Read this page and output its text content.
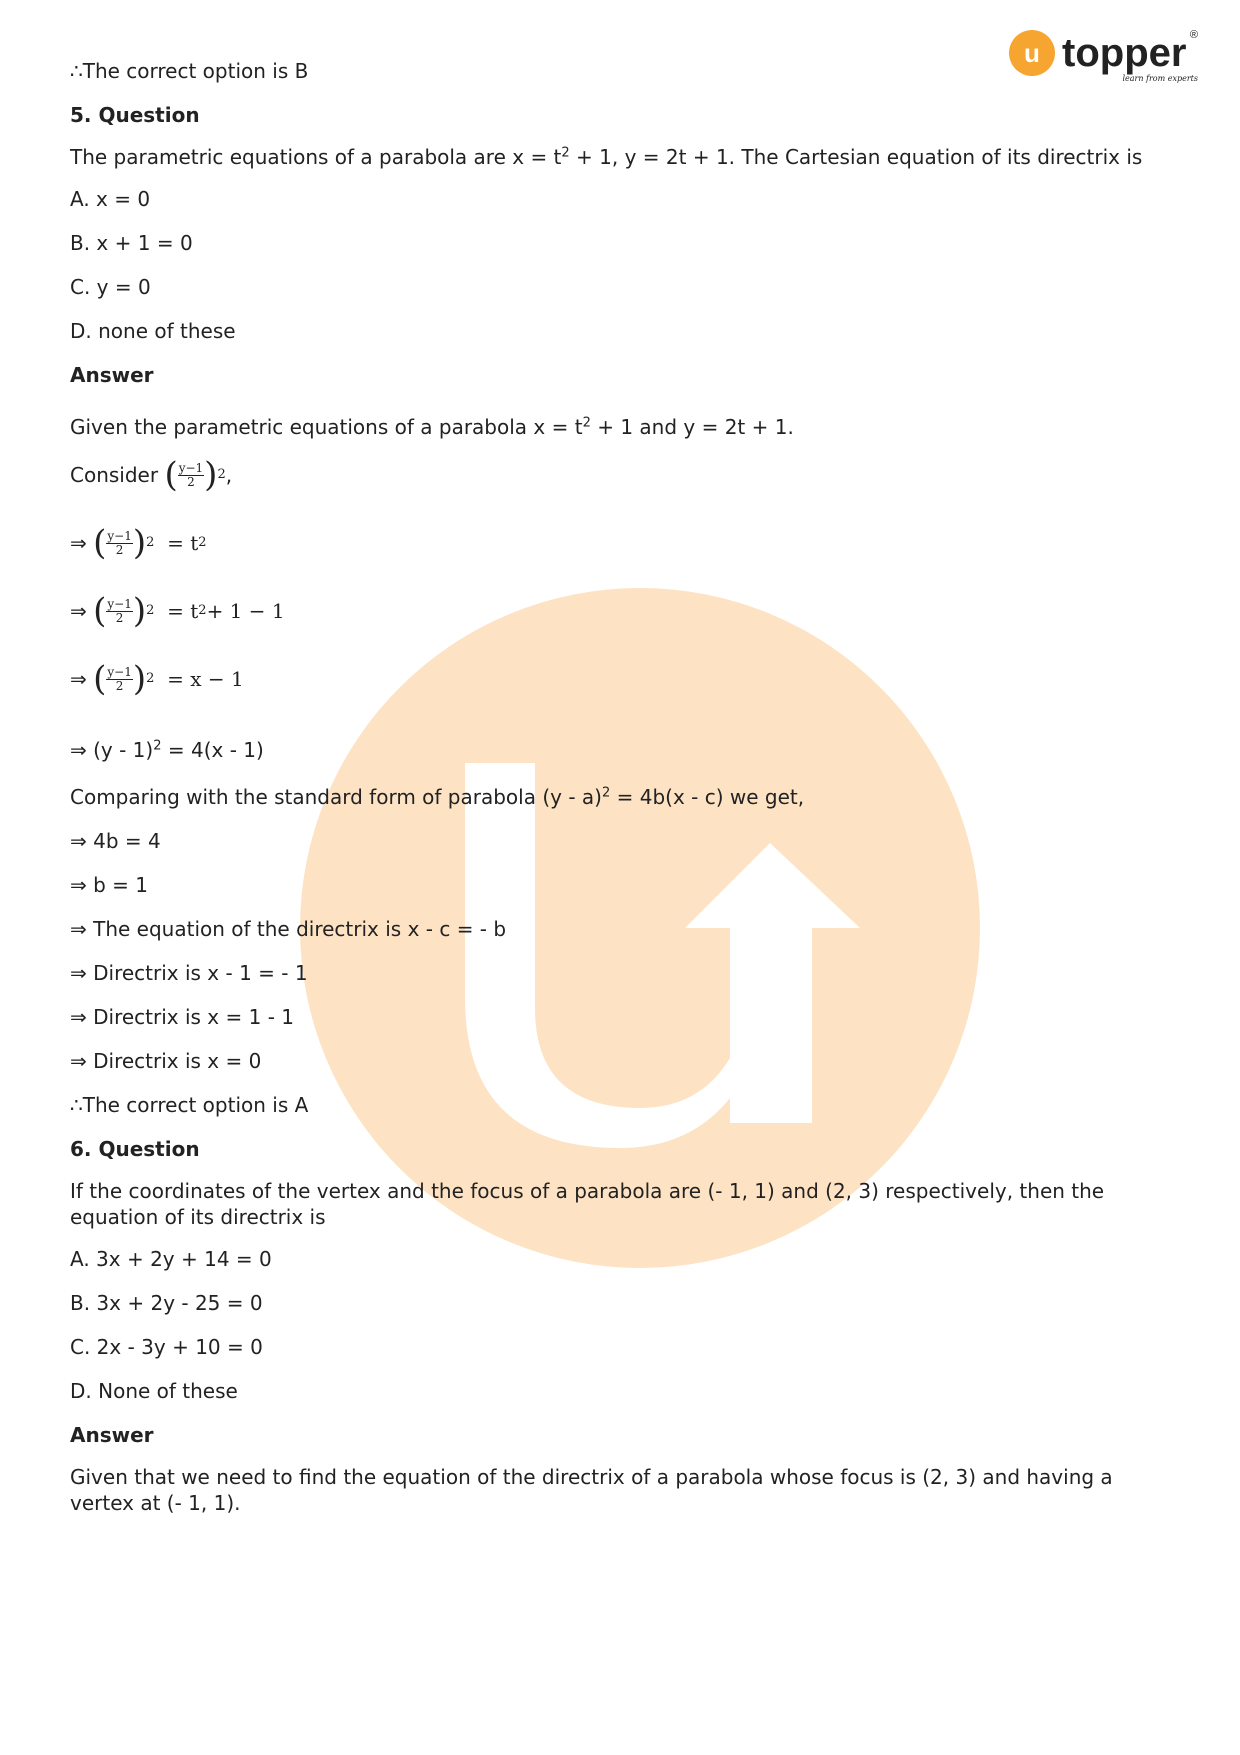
u topper ®
learn from experts
∴The correct option is B
5. Question
The parametric equations of a parabola are $x = t^2 + 1$, y = 2t + 1. The Cartesian equation of its directrix is
A. x = 0
B. x + 1 = 0
C. y = 0
D. none of these
Answer
Given the parametric equations of a parabola $x = t^2 + 1$ and y = 2t + 1.
Consider
( $\frac{y-1}{2}$ ) 2 ,
⇒
( $\frac{y-1}{2}$ ) 2
= t 2
⇒
( $\frac{y-1}{2}$ ) 2
= t 2 + 1 − 1
⇒
( $\frac{y-1}{2}$ ) 2
= x − 1
⇒ (y - 1)$^2$ = 4(x - 1)
Comparing with the standard form of parabola (y - a)$^2$ = 4b(x - c) we get,
⇒ 4b = 4
⇒ b = 1
⇒ The equation of the directrix is x - c = - b
⇒ Directrix is x - 1 = - 1
⇒ Directrix is x = 1 - 1
⇒ Directrix is x = 0
∴The correct option is A
6. Question
If the coordinates of the vertex and the focus of a parabola are (- 1, 1) and (2, 3) respectively, then the equation of its directrix is
A. 3x + 2y + 14 = 0
B. 3x + 2y - 25 = 0
C. 2x - 3y + 10 = 0
D. None of these
Answer
Given that we need to find the equation of the directrix of a parabola whose focus is (2, 3) and having a vertex at (- 1, 1).
